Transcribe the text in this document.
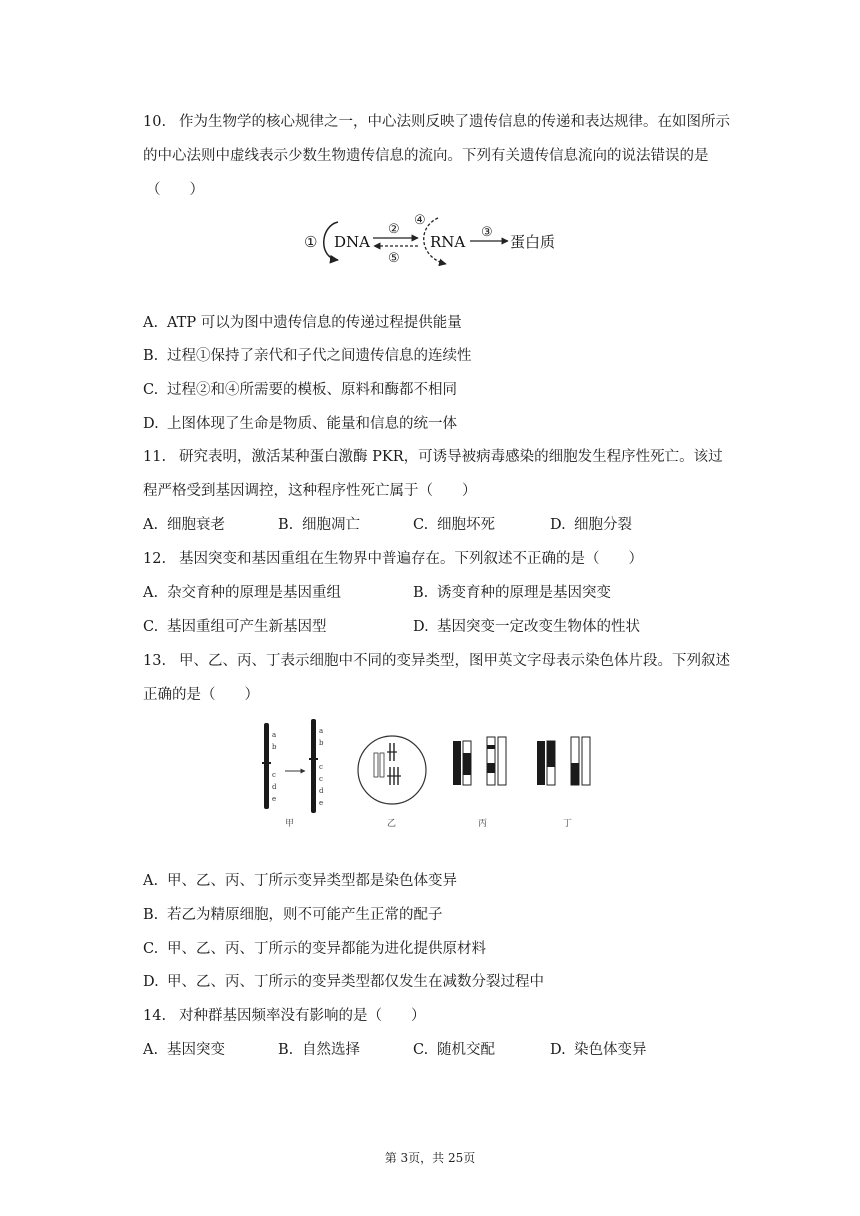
10. 作为生物学的核心规律之一，中心法则反映了遗传信息的传递和表达规律。在如图所示
的中心法则中虚线表示少数生物遗传信息的流向。下列有关遗传信息流向的说法错误的是
（　　）
① DNA
②
⑤
④
RNA
③
蛋白质
A. ATP 可以为图中遗传信息的传递过程提供能量
B. 过程①保持了亲代和子代之间遗传信息的连续性
C. 过程②和④所需要的模板、原料和酶都不相同
D. 上图体现了生命是物质、能量和信息的统一体
11. 研究表明，激活某种蛋白激酶 PKR，可诱导被病毒感染的细胞发生程序性死亡。该过
程严格受到基因调控，这种程序性死亡属于（　　）
A. 细胞衰老	B. 细胞凋亡	C. 细胞坏死	D. 细胞分裂
12. 基因突变和基因重组在生物界中普遍存在。下列叙述不正确的是（　　）
A. 杂交育种的原理是基因重组	B. 诱变育种的原理是基因突变
C. 基因重组可产生新基因型	D. 基因突变一定改变生物体的性状
13. 甲、乙、丙、丁表示细胞中不同的变异类型，图甲英文字母表示染色体片段。下列叙述
正确的是（　　）
a
b
c
d
e
a
b
c
c
d
e
甲	乙	丙	丁
A. 甲、乙、丙、丁所示变异类型都是染色体变异
B. 若乙为精原细胞，则不可能产生正常的配子
C. 甲、乙、丙、丁所示的变异都能为进化提供原材料
D. 甲、乙、丙、丁所示的变异类型都仅发生在减数分裂过程中
14. 对种群基因频率没有影响的是（　　）
A. 基因突变	B. 自然选择	C. 随机交配	D. 染色体变异
第 3页，共 25页
